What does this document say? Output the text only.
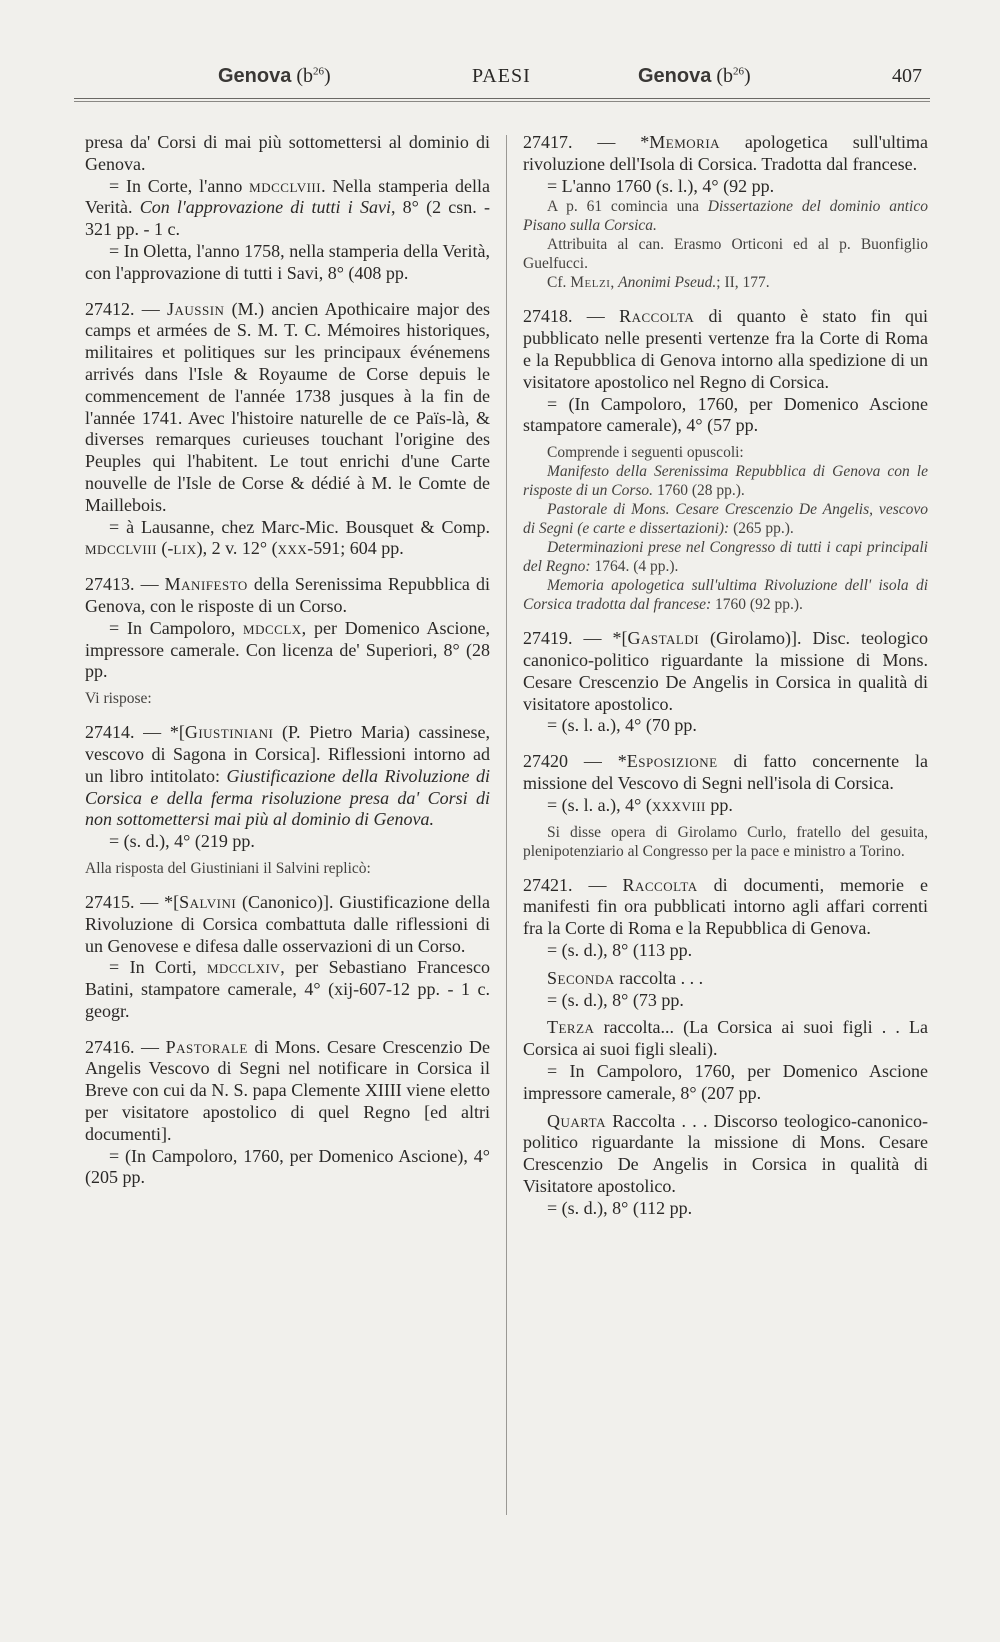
Genova $(b^{26})$	PAESI	Genova $(b^{26})$	407

presa da' Corsi di mai più sottomettersi al dominio di Genova.

= In Corte, l'anno mdcclviii. Nella stamperia della Verità. Con l'approvazione di tutti i Savi, 8° (2 csn. - 321 pp. - 1 c.

= In Oletta, l'anno 1758, nella stamperia della Verità, con l'approvazione di tutti i Savi, 8° (408 pp.

27412. — Jaussin (M.) ancien Apothicaire major des camps et armées de S. M. T. C. Mémoires historiques, militaires et politiques sur les principaux événemens arrivés dans l'Isle & Royaume de Corse depuis le commencement de l'année 1738 jusques à la fin de l'année 1741. Avec l'histoire naturelle de ce Païs-là, & diverses remarques curieuses touchant l'origine des Peuples qui l'habitent. Le tout enrichi d'une Carte nouvelle de l'Isle de Corse & dédié à M. le Comte de Maillebois.

= à Lausanne, chez Marc-Mic. Bousquet & Comp. mdcclviii (-lix), 2 v. 12° (xxx-591; 604 pp.

27413. — Manifesto della Serenissima Repubblica di Genova, con le risposte di un Corso.

= In Campoloro, mdcclx, per Domenico Ascione, impressore camerale. Con licenza de' Superiori, 8° (28 pp.

Vi rispose:

27414. — *[Giustiniani (P. Pietro Maria) cassinese, vescovo di Sagona in Corsica]. Riflessioni intorno ad un libro intitolato: Giustificazione della Rivoluzione di Corsica e della ferma risoluzione presa da' Corsi di non sottomettersi mai più al dominio di Genova.

= (s. d.), 4° (219 pp.

Alla risposta del Giustiniani il Salvini replicò:

27415. — *[Salvini (Canonico)]. Giustificazione della Rivoluzione di Corsica combattuta dalle riflessioni di un Genovese e difesa dalle osservazioni di un Corso.

= In Corti, mdcclxiv, per Sebastiano Francesco Batini, stampatore camerale, 4° (xij-607-12 pp. - 1 c. geogr.

27416. — Pastorale di Mons. Cesare Crescenzio De Angelis Vescovo di Segni nel notificare in Corsica il Breve con cui da N. S. papa Clemente XIIII viene eletto per visitatore apostolico di quel Regno [ed altri documenti].

= (In Campoloro, 1760, per Domenico Ascione), 4° (205 pp.

27417. — *Memoria apologetica sull'ultima rivoluzione dell'Isola di Corsica. Tradotta dal francese.

= L'anno 1760 (s. l.), 4° (92 pp.

A p. 61 comincia una Dissertazione del dominio antico Pisano sulla Corsica.

Attribuita al can. Erasmo Orticoni ed al p. Buonfiglio Guelfucci.

Cf. Melzi, Anonimi Pseud.; II, 177.

27418. — Raccolta di quanto è stato fin qui pubblicato nelle presenti vertenze fra la Corte di Roma e la Repubblica di Genova intorno alla spedizione di un visitatore apostolico nel Regno di Corsica.

= (In Campoloro, 1760, per Domenico Ascione stampatore camerale), 4° (57 pp.

Comprende i seguenti opuscoli:

Manifesto della Serenissima Repubblica di Genova con le risposte di un Corso. 1760 (28 pp.).

Pastorale di Mons. Cesare Crescenzio De Angelis, vescovo di Segni (e carte e dissertazioni): (265 pp.).

Determinazioni prese nel Congresso di tutti i capi principali del Regno: 1764. (4 pp.).

Memoria apologetica sull'ultima Rivoluzione dell' isola di Corsica tradotta dal francese: 1760 (92 pp.).

27419. — *[Gastaldi (Girolamo)]. Disc. teologico canonico-politico riguardante la missione di Mons. Cesare Crescenzio De Angelis in Corsica in qualità di visitatore apostolico.

= (s. l. a.), 4° (70 pp.

27420 — *Esposizione di fatto concernente la missione del Vescovo di Segni nell'isola di Corsica.

= (s. l. a.), 4° (xxxviii pp.

Si disse opera di Girolamo Curlo, fratello del gesuita, plenipotenziario al Congresso per la pace e ministro a Torino.

27421. — Raccolta di documenti, memorie e manifesti fin ora pubblicati intorno agli affari correnti fra la Corte di Roma e la Repubblica di Genova.

= (s. d.), 8° (113 pp.

Seconda raccolta . . .

= (s. d.), 8° (73 pp.

Terza raccolta... (La Corsica ai suoi figli . . La Corsica ai suoi figli sleali).

= In Campoloro, 1760, per Domenico Ascione impressore camerale, 8° (207 pp.

Quarta Raccolta . . . Discorso teologico-canonico-politico riguardante la missione di Mons. Cesare Crescenzio De Angelis in Corsica in qualità di Visitatore apostolico.

= (s. d.), 8° (112 pp.
